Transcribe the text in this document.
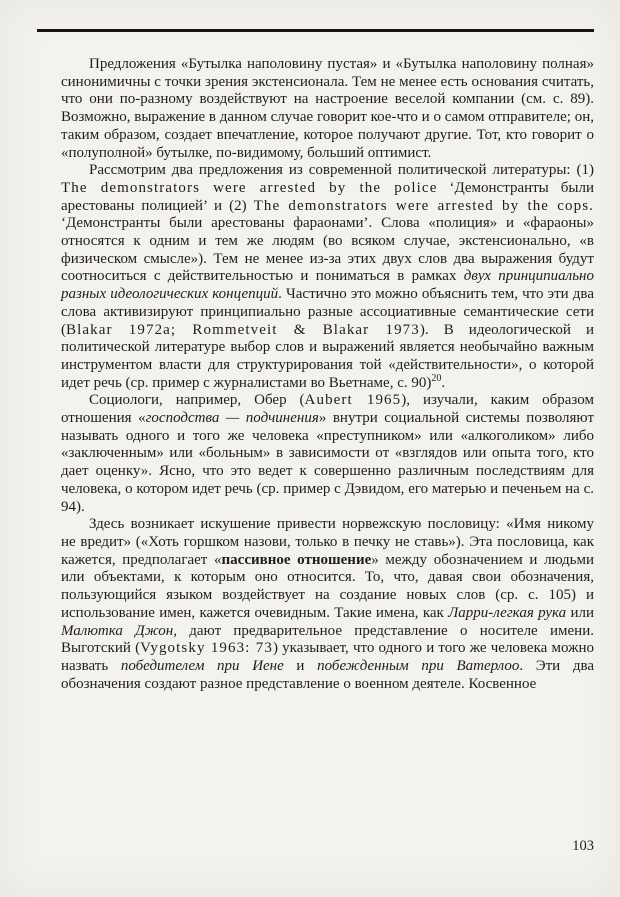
Предложения «Бутылка наполовину пустая» и «Бутылка наполовину полная» синонимичны с точки зрения экстенсионала. Тем не менее есть основания считать, что они по-разному воздействуют на настроение веселой компании (см. с. 89). Возможно, выражение в данном случае говорит кое-что и о самом отправителе; он, таким образом, создает впечатление, которое получают другие. Тот, кто говорит о «полуполной» бутылке, по-видимому, больший оптимист.

Рассмотрим два предложения из современной политической литературы: (1) The demonstrators were arrested by the police ‘Демонстранты были арестованы полицией’ и (2) The demonstrators were arrested by the cops. ‘Демонстранты были арестованы фараонами’. Слова «полиция» и «фараоны» относятся к одним и тем же людям (во всяком случае, экстенсионально, «в физическом смысле»). Тем не менее из-за этих двух слов два выражения будут соотноситься с действительностью и пониматься в рамках двух принципиально разных идеологических концепций. Частично это можно объяснить тем, что эти два слова активизируют принципиально разные ассоциативные семантические сети (Blakar 1972a; Rommetveit & Blakar 1973). В идеологической и политической литературе выбор слов и выражений является необычайно важным инструментом власти для структурирования той «действительности», о которой идет речь (ср. пример с журналистами во Вьетнаме, с. 90)$^{20}$.

Социологи, например, Обер (Aubert 1965), изучали, каким образом отношения «господства — подчинения» внутри социальной системы позволяют называть одного и того же человека «преступником» или «алкоголиком» либо «заключенным» или «больным» в зависимости от «взглядов или опыта того, кто дает оценку». Ясно, что это ведет к совершенно различным последствиям для человека, о котором идет речь (ср. пример с Дэвидом, его матерью и печеньем на с. 94).

Здесь возникает искушение привести норвежскую пословицу: «Имя никому не вредит» («Хоть горшком назови, только в печку не ставь»). Эта пословица, как кажется, предполагает «пассивное отношение» между обозначением и людьми или объектами, к которым оно относится. То, что, давая свои обозначения, пользующийся языком воздействует на создание новых слов (ср. с. 105) и использование имен, кажется очевидным. Такие имена, как Ларри-легкая рука или Малютка Джон, дают предварительное представление о носителе имени. Выготский (Vygotsky 1963: 73) указывает, что одного и того же человека можно назвать победителем при Иене и побежденным при Ватерлоо. Эти два обозначения создают разное представление о военном деятеле. Косвенное

103
